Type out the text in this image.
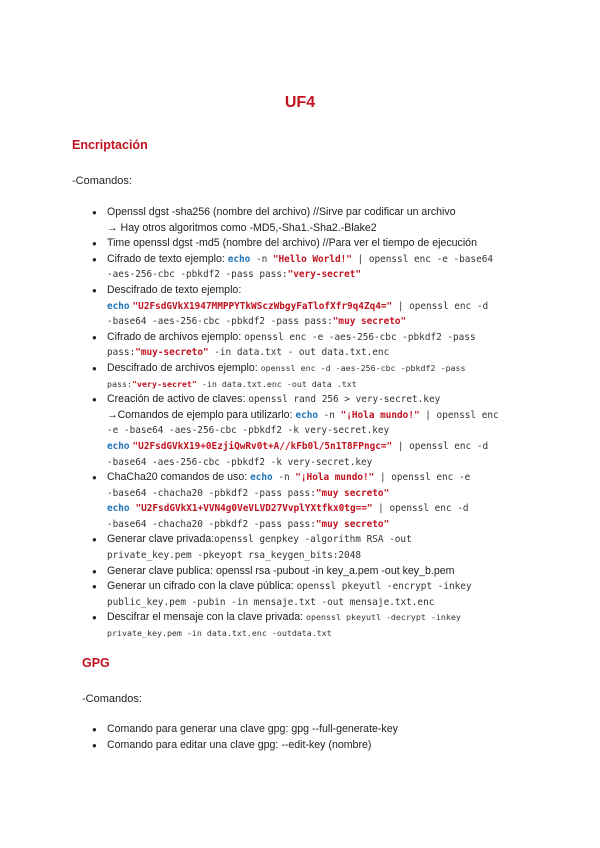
UF4
Encriptación
-Comandos:
● Openssl dgst -sha256 (nombre del archivo) //Sirve par codificar un archivo
→ Hay otros algoritmos como -MD5,-Sha1.-Sha2.-Blake2
● Time openssl dgst -md5 (nombre del archivo) //Para ver el tiempo de ejecución
● Cifrado de texto ejemplo: echo -n "Hello World!" | openssl enc -e -base64
-aes-256-cbc -pbkdf2 -pass pass:"very-secret"
● Descifrado de texto ejemplo:
echo "U2FsdGVkX1947MMPPYTkWSczWbgyFaTlofXfr9q4Zq4=" | openssl enc -d
-base64 -aes-256-cbc -pbkdf2 -pass pass:"muy secreto"
● Cifrado de archivos ejemplo: openssl enc -e -aes-256-cbc -pbkdf2 -pass
pass:"muy-secreto" -in data.txt - out data.txt.enc
● Descifrado de archivos ejemplo: openssl enc -d -aes-256-cbc -pbkdf2 -pass
pass:"very-secret" -in data.txt.enc -out data .txt
● Creación de activo de claves: openssl rand 256 > very-secret.key
→Comandos de ejemplo para utilizarlo: echo -n "¡Hola mundo!" | openssl enc
-e -base64 -aes-256-cbc -pbkdf2 -k very-secret.key
echo "U2FsdGVkX19+0EzjiQwRv0t+A//kFb0l/5n1T8FPngc=" | openssl enc -d
-base64 -aes-256-cbc -pbkdf2 -k very-secret.key
● ChaCha20 comandos de uso: echo -n "¡Hola mundo!" | openssl enc -e
-base64 -chacha20 -pbkdf2 -pass pass:"muy secreto"
echo "U2FsdGVkX1+VVN4g0VeVLVD27VvplYXtfkx0tg==" | openssl enc -d
-base64 -chacha20 -pbkdf2 -pass pass:"muy secreto"
● Generar clave privada:openssl genpkey -algorithm RSA -out
private_key.pem -pkeyopt rsa_keygen_bits:2048
● Generar clave publica: openssl rsa -pubout -in key_a.pem -out key_b.pem
● Generar un cifrado con la clave pública: openssl pkeyutl -encrypt -inkey
public_key.pem -pubin -in mensaje.txt -out mensaje.txt.enc
● Descifrar el mensaje con la clave privada: openssl pkeyutl -decrypt -inkey
private_key.pem -in data.txt.enc -outdata.txt
GPG
-Comandos:
● Comando para generar una clave gpg: gpg --full-generate-key
● Comando para editar una clave gpg: --edit-key (nombre)
